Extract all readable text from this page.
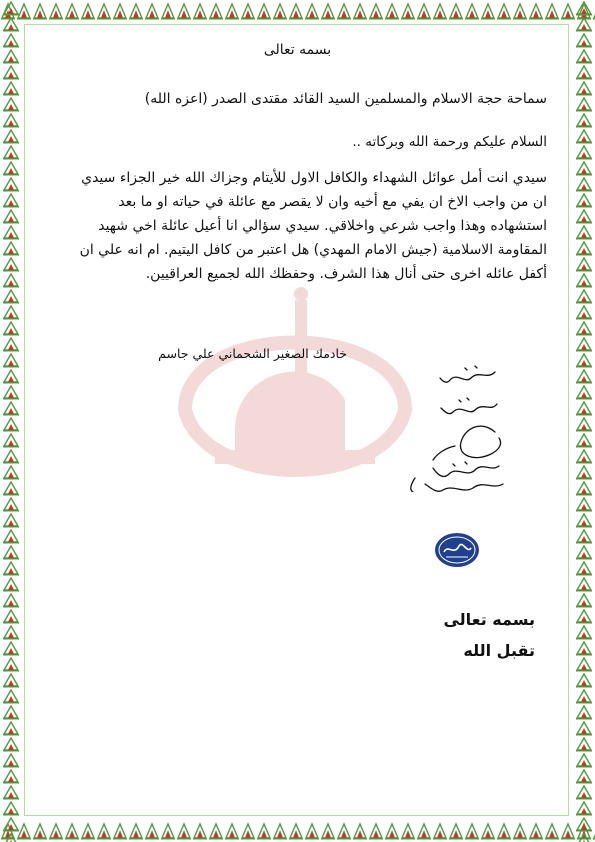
بسمه تعالى
سماحة حجة الاسلام والمسلمين السيد القائد مقتدى الصدر (اعزه الله)
السلام عليكم ورحمة الله وبركاته ..
سيدي انت أمل عوائل الشهداء والكافل الاول للأيتام وجزاك الله خير الجزاء سيدي
ان من واجب الاخ ان يفي مع أخيه وان لا يقصر مع عائلة في حياته او ما بعد
استشهاده وهذا واجب شرعي واخلاقي. سيدي سؤالي انا أعيل عائلة اخي شهيد
المقاومة الاسلامية (جيش الامام المهدي) هل اعتبر من كافل اليتيم. ام انه علي ان
أكفل عائله اخرى حتى أنال هذا الشرف. وحفظك الله لجميع العراقيين.
خادمك الصغير الشحماني علي جاسم
بسمه تعالى
تقبل الله
